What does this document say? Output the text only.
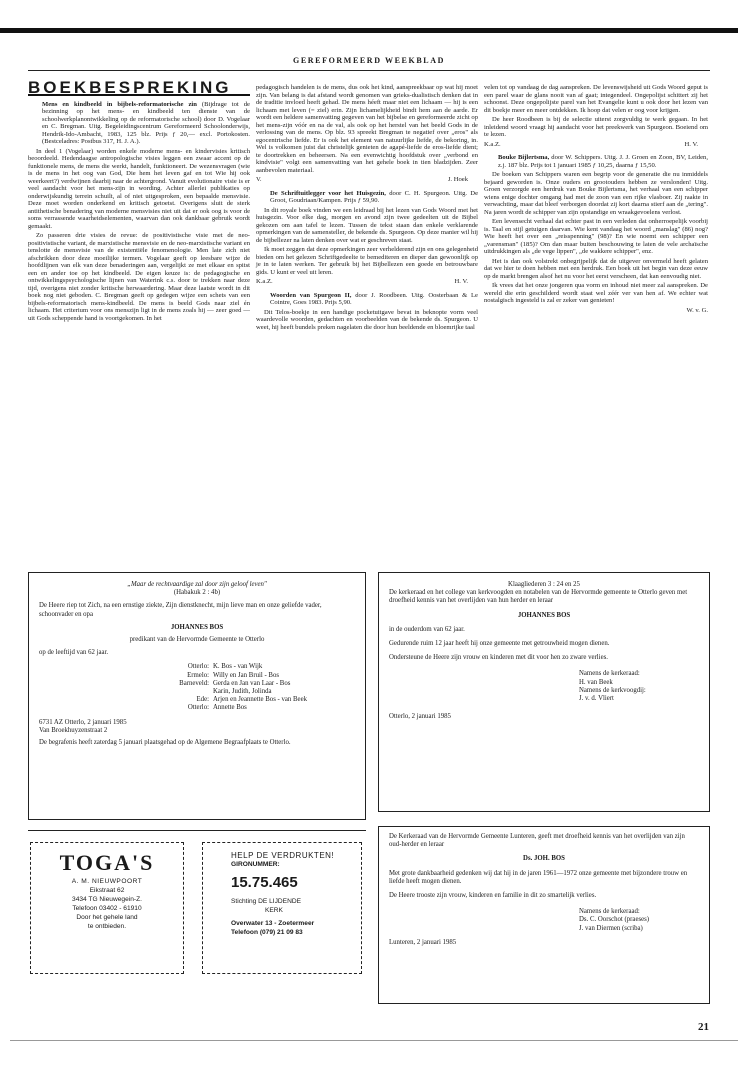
GEREFORMEERD WEEKBLAD
BOEKBESPREKING

Mens en kindbeeld in bijbels-reformatorische zin (Bijdrage tot de bezinning op het mens- en kindbeeld ten dienste van de schoolwerkplanontwikkeling op de reformatorische school) door D. Vogelaar en C. Bregman. Uitg. Begeleidingscentrum Gereformeerd Schoolonderwijs, Hendrik-Ido-Ambacht, 1983, 125 blz. Prijs ƒ 20,— excl. Portokosten. (Bestceladres: Postbus 317, H. J. A.).

In deel 1 (Vogelaar) worden enkele moderne mens- en kindervisies kritisch beoordeeld. Hedendaagse antropologische visies leggen een zwaar accent op de funktionele mens, de mens die werkt, handelt, funktioneert. De wezensvragen (wie is de mens in het oog van God, Die hem het leven gaf en tot Wie hij ook weerkeert?) verdwijnen daarbij naar de achtergrond. Vanuit evolutionaire visie is er veel aandacht voor het mens-zijn in wording. Achter allerlei publikaties op onderwijskundig terrein schuilt, al of niet uitgesproken, een bepaalde mensvisie. Deze moet worden onderkend en kritisch getoetst. Overigens sluit de sterk antithetische benadering van moderne mensvisies niet uit dat er ook oog is voor de soms verrassende waarheidselementen, waarvan dan ook dankbaar gebruik wordt gemaakt.

Zo passeren drie visies de revue: de positivistische visie met de neo-positivistische variant, de marxistische mensvisie en de neo-marxistische variant en tenslotte de mensvisie van de existentiële fenomenologie. Men late zich niet afschrikken door deze moeilijke termen. Vogelaar geeft op leesbare wijze de hoofdlijnen van elk van deze benaderingen aan, vergelijkt ze met elkaar en spitst een en ander toe op het kindbeeld. De eigen keuze is: de pedagogische en ontwikkelingspsychologische lijnen van Waterink c.s. door te trekken naar deze tijd, overigens niet zonder kritische herwaardering. Maar deze laatste wordt in dit boek nog niet geboden. C. Bregman geeft op gedegen wijze een schets van een bijbels-reformatorisch mens-kindbeeld. De mens is beeld Gods naar ziel én lichaam. Het criterium voor ons menszijn ligt in de mens zoals hij — zeer goed — uit Gods scheppende hand is voortgekomen. In het

pedagogisch handelen is de mens, dus ook het kind, aanspreekbaar op wat hij moet zijn. Van belang is dat afstand wordt genomen van grieks-dualistisch denken dat in de traditie invloed heeft gehad. De mens héeft maar niet een lichaam — hij is een lichaam met leven (= ziel) erin. Zijn lichamelijkheid bindt hem aan de aarde. Er wordt een heldere samenvatting gegeven van het bijbelse en gereformeerde zicht op het mens-zijn vóór en na de val, als ook op het herstel van het beeld Gods in de verlossing van de mens. Op blz. 93 spreekt Bregman te negatief over „eros" als egocentrische liefde. Er is ook het element van natuurlijke liefde, de bekoring, in. Wel is volkomen juist dat christelijk genieten de agapé-liefde de eros-liefde dient; te doortrekken en beheersen. Na een evenwichtig hoofdstuk over „verbond en kindvisie" volgt een samenvatting van het gehele boek in tien bladzijden. Zeer aanbevolen materiaal.

V.	J. Hoek

De Schriftuitlegger voor het Huisgezin, door C. H. Spurgeon. Uitg. De Groot, Goudriaan/Kampen. Prijs ƒ 59,90.

In dit royale boek vinden we een leidraad bij het lezen van Gods Woord met het huisgezin. Voor elke dag, morgen en avond zijn twee gedeelten uit de Bijbel gekozen om aan tafel te lezen. Tussen de tekst staan dan enkele verklarende opmerkingen van de samensteller, de bekende ds. Spurgeon. Op deze manier wil hij de bijbellezer na laten denken over wat er geschreven staat.

Ik moet zeggen dat deze opmerkingen zeer verhelderend zijn en ons gelegenheid bieden om het gelezen Schriftgedeelte te bemediteren en dieper dan gewoonlijk op je in te laten werken. Ter gebruik bij het Bijbellezen een goede en betrouwbare gids. U kunt er veel uit leren.

K.a.Z.	H. V.

Woorden van Spurgeon II, door J. Roodbeen. Uitg. Oosterbaan & Le Cointre, Goes 1983. Prijs 5,90.

Dit Telos-boekje in een handige pocketuitgave bevat in beknopte vorm veel waardevolle woorden, gedachten en voorbeelden van de bekende ds. Spurgeon. U weet, hij heeft bundels preken nagelaten die door hun beeldende en bloemrijke taal

velen tot op vandaag de dag aanspreken. De levenswijsheid uit Gods Woord geput is een parel waar de glans nooit van af gaat; integendeel. Ongepolijst schittert zij het schoonst. Deze ongepolijste parel van het Evangelie kunt u ook door het lezen van dit boekje meer en meer ontdekken. Ik hoop dat velen er oog voor krijgen.

De heer Roodbeen is bij de selectie uiterst zorgvuldig te werk gegaan. In het inleidend woord vraagt hij aandacht voor het preekwerk van Spurgeon. Boeiend om te lezen.

K.a.Z.	H. V.

Bouke Bijlertsma, door W. Schippers. Uitg. J. J. Groen en Zoon, BV, Leiden, z.j. 187 blz. Prijs tot 1 januari 1985 ƒ 10,25, daarna ƒ 15,50.

De boeken van Schippers waren een begrip voor de generatie die nu inmiddels bejaard geworden is. Onze ouders en grootouders hebben ze verslonden! Uitg. Groen verzorgde een herdruk van Bouke Bijlertsma, het verhaal van een schipper wiens enige dochter omgang had met de zoon van een rijke vlasboer. Zij raakte in verwachting, maar dat bleef verborgen doordat zij kort daarna stierf aan de „tering". Na jaren wordt de schipper van zijn opstandige en wraakgevoelens verlost.

Een levensecht verhaal dat echter past in een verleden dat onherroepelijk voorbij is. Taal en stijl getuigen daarvan. Wie kent vandaag het woord „manslag" (86) nog? Wie heeft het over een „reisspenning" (98)? En wie noemt een schipper een „varensman" (185)? Om dan maar buiten beschouwing te laten de vele archaïsche uitdrukkingen als „de vege lippen", „de wakkere schipper", enz.

Het is dan ook volstrekt onbegrijpelijk dat de uitgever onvermeld heeft gelaten dat we hier te doen hebben met een herdruk. Een boek uit het begin van deze eeuw op de markt brengen alsof het nu voor het eerst verscheen, dat kan eenvoudig niet.

Ik vrees dat het onze jongeren qua vorm en inhoud niet meer zal aanspreken. De wereld die erin geschilderd wordt staat wel zéér ver van hen af. We echter wat nostalgisch ingesteld is zal er zeker van genieten!

W. v. G.

„Maar de rechtvaardige zal door zijn geloof leven"
(Habakuk 2 : 4b)
De Heere riep tot Zich, na een ernstige ziekte, Zijn dienstknecht, mijn lieve man en onze geliefde vader, schoonvader en opa
JOHANNES BOS
predikant van de Hervormde Gemeente te Otterlo
op de leeftijd van 62 jaar.
Otterlo: K. Bos - van Wijk
Ermelo: Willy en Jan Bruil - Bos
Barneveld: Gerda en Jan van Laar - Bos
Karin, Judith, Jolinda
Ede: Arjen en Jeannette Bos - van Beek
Otterlo: Annette Bos
6731 AZ Otterlo, 2 januari 1985
Van Broekhuyzenstraat 2
De begrafenis heeft zaterdag 5 januari plaatsgehad op de Algemene Begraafplaats te Otterlo.
Klaagliederen 3 : 24 en 25
De kerkeraad en het college van kerkvoogden en notabelen van de Hervormde gemeente te Otterlo geven met droefheid kennis van het overlijden van hun herder en leraar
JOHANNES BOS
in de ouderdom van 62 jaar.
Gedurende ruim 12 jaar heeft hij onze gemeente met getrouwheid mogen dienen.
Ondersteune de Heere zijn vrouw en kinderen met dit voor hen zo zware verlies.
Namens de kerkeraad:
H. van Beek
Namens de kerkvoogdij:
J. v. d. Vliert
Otterlo, 2 januari 1985
De Kerkeraad van de Hervormde Gemeente Lunteren, geeft met droefheid kennis van het overlijden van zijn oud-herder en leraar
Ds. JOH. BOS
Met grote dankbaarheid gedenken wij dat hij in de jaren 1961—1972 onze gemeente met bijzondere trouw en liefde heeft mogen dienen.
De Heere trooste zijn vrouw, kinderen en familie in dit zo smartelijk verlies.
Namens de kerkeraad:
Ds. C. Oorschot (praeses)
J. van Diermen (scriba)
Lunteren, 2 januari 1985
TOGA'S
A. M. NIEUWPOORT
Eikstraat 62
3434 TG Nieuwegein-Z.
Telefoon 03402 - 61910
Door het gehele land
te ontbieden.
HELP DE VERDRUKTEN!
GIRONUMMER:
15.75.465
Stichting DE LIJDENDE
KERK
Overwater 13 - Zoetermeer
Telefoon (079) 21 09 83
21
